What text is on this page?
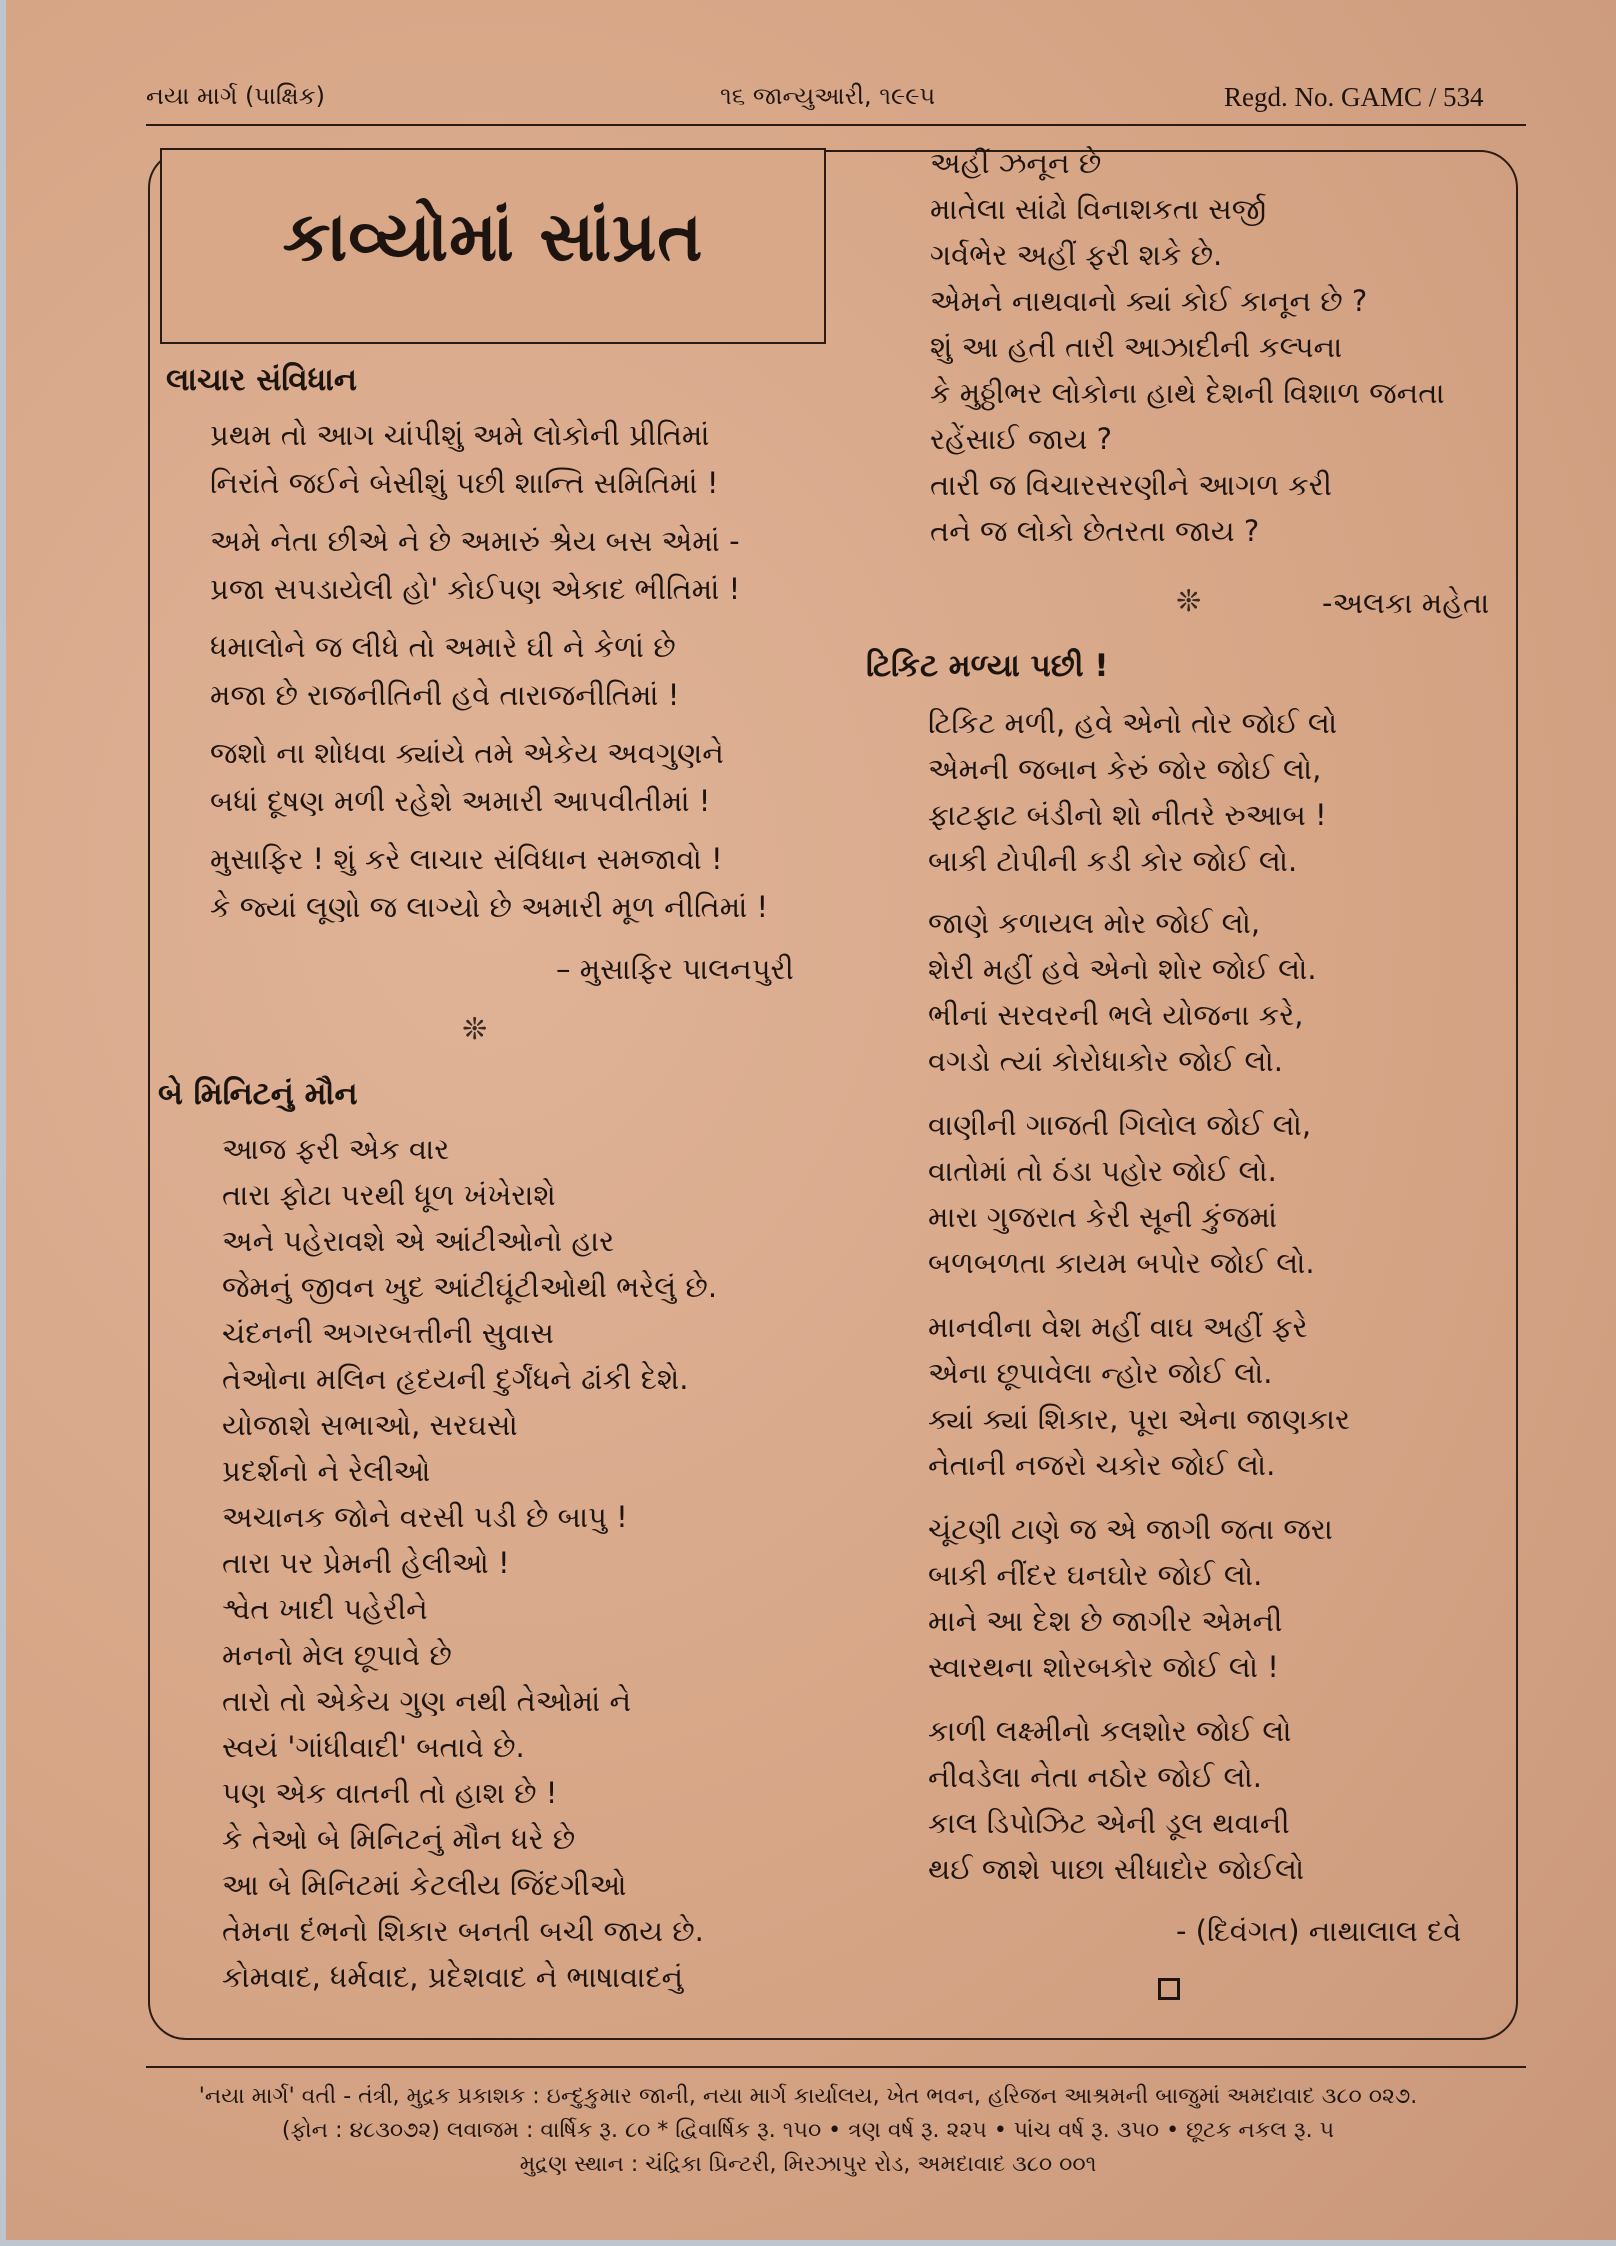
નયા માર્ગ (પાક્ષિક)	૧૬ જાન્યુઆરી, ૧૯૯૫	Regd. No. GAMC / 534
કાવ્યોમાં સાંપ્રત
લાચાર સંવિધાન
પ્રથમ તો આગ ચાંપીશું અમે લોકોની પ્રીતિમાં
નિરાંતે જઈને બેસીશું પછી શાન્તિ સમિતિમાં !
અમે નેતા છીએ ને છે અમારું શ્રેય બસ એમાં -
પ્રજા સપડાયેલી હો' કોઈપણ એકાદ ભીતિમાં !
ધમાલોને જ લીધે તો અમારે ઘી ને કેળાં છે
મજા છે રાજનીતિની હવે તારાજનીતિમાં !
જશો ના શોધવા ક્યાંયે તમે એકેય અવગુણને
બધાં દૂષણ મળી રહેશે અમારી આપવીતીમાં !
મુસાફિર ! શું કરે લાચાર સંવિધાન સમજાવો !
કે જ્યાં લૂણો જ લાગ્યો છે અમારી મૂળ નીતિમાં !
– મુસાફિર પાલનપુરી
❊
બે મિનિટનું મૌન
આજ ફરી એક વાર
તારા ફોટા પરથી ધૂળ ખંખેરાશે
અને પહેરાવશે એ આંટીઓનો હાર
જેમનું જીવન ખુદ આંટીઘૂંટીઓથી ભરેલું છે.
ચંદનની અગરબત્તીની સુવાસ
તેઓના મલિન હૃદયની દુર્ગંધને ઢાંકી દેશે.
યોજાશે સભાઓ, સરઘસો
પ્રદર્શનો ને રેલીઓ
અચાનક જોને વરસી પડી છે બાપુ !
તારા પર પ્રેમની હેલીઓ !
શ્વેત ખાદી પહેરીને
મનનો મેલ છૂપાવે છે
તારો તો એકેય ગુણ નથી તેઓમાં ને
સ્વયં 'ગાંધીવાદી' બતાવે છે.
પણ એક વાતની તો હાશ છે !
કે તેઓ બે મિનિટનું મૌન ધરે છે
આ બે મિનિટમાં કેટલીય જિંદગીઓ
તેમના દંભનો શિકાર બનતી બચી જાય છે.
કોમવાદ, ધર્મવાદ, પ્રદેશવાદ ને ભાષાવાદનું
અહીં ઝનૂન છે
માતેલા સાંઢો વિનાશકતા સર્જી
ગર્વભેર અહીં ફરી શકે છે.
એમને નાથવાનો ક્યાં કોઈ કાનૂન છે ?
શું આ હતી તારી આઝાદીની કલ્પના
કે મુઠ્ઠીભર લોકોના હાથે દેશની વિશાળ જનતા
રહેંસાઈ જાય ?
તારી જ વિચારસરણીને આગળ કરી
તને જ લોકો છેતરતા જાય ?
❊	-અલકા મહેતા
ટિકિટ મળ્યા પછી !
ટિકિટ મળી, હવે એનો તોર જોઈ લો
એમની જબાન કેરું જોર જોઈ લો,
ફાટફાટ બંડીનો શો નીતરે રુઆબ !
બાકી ટોપીની કડી કોર જોઈ લો.
જાણે કળાયલ મોર જોઈ લો,
શેરી મહીં હવે એનો શોર જોઈ લો.
ભીનાં સરવરની ભલે યોજના કરે,
વગડો ત્યાં કોરોધાકોર જોઈ લો.
વાણીની ગાજતી ગિલોલ જોઈ લો,
વાતોમાં તો ઠંડા પહોર જોઈ લો.
મારા ગુજરાત કેરી સૂની કુંજમાં
બળબળતા કાયમ બપોર જોઈ લો.
માનવીના વેશ મહીં વાઘ અહીં ફરે
એના છૂપાવેલા ન્હોર જોઈ લો.
ક્યાં ક્યાં શિકાર, પૂરા એના જાણકાર
નેતાની નજરો ચકોર જોઈ લો.
ચૂંટણી ટાણે જ એ જાગી જતા જરા
બાકી નીંદર ઘનઘોર જોઈ લો.
માને આ દેશ છે જાગીર એમની
સ્વારથના શોરબકોર જોઈ લો !
કાળી લક્ષ્મીનો કલશોર જોઈ લો
નીવડેલા નેતા નઠોર જોઈ લો.
કાલ ડિપોઝિટ એની ડૂલ થવાની
થઈ જાશે પાછા સીધાદોર જોઈલો
- (દિવંગત) નાથાલાલ દવે
'નયા માર્ગ' વતી - તંત્રી, મુદ્રક પ્રકાશક : ઇન્દુકુમાર જાની, નયા માર્ગ કાર્યાલય, ખેત ભવન, હરિજન આશ્રમની બાજુમાં અમદાવાદ ૩૮૦ ૦૨૭.
(ફોન : ૪૮૩૦૭૨) લવાજમ : વાર્ષિક રૂ. ૮૦ * દ્વિવાર્ષિક રૂ. ૧૫૦ • ત્રણ વર્ષ રૂ. ૨૨૫ • પાંચ વર્ષ રૂ. ૩૫૦ • છૂટક નકલ રૂ. ૫
મુદ્રણ સ્થાન : ચંદ્રિકા પ્રિન્ટરી, મિરઝાપુર રોડ, અમદાવાદ ૩૮૦ ૦૦૧
